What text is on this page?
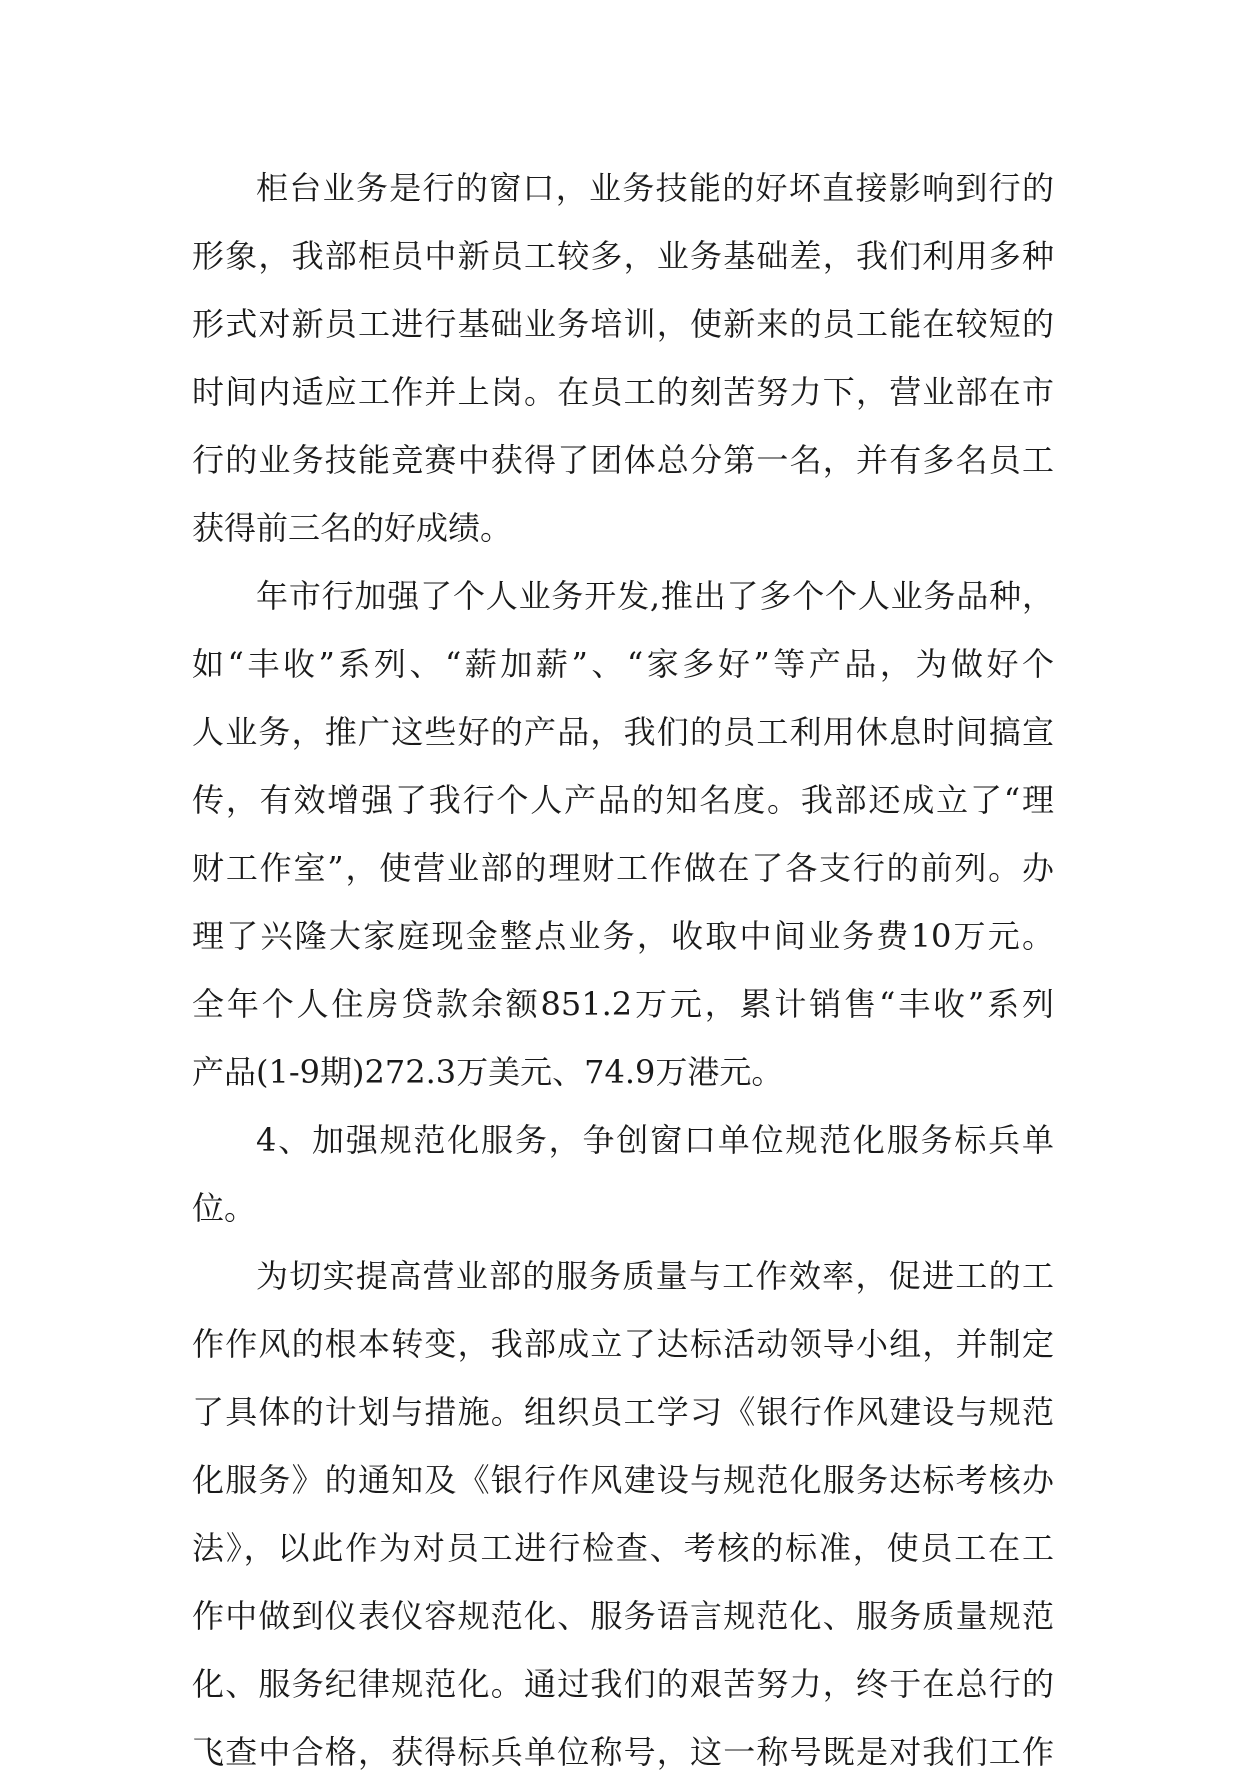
柜台业务是行的窗口，业务技能的好坏直接影响到行的
形象，我部柜员中新员工较多，业务基础差，我们利用多种
形式对新员工进行基础业务培训，使新来的员工能在较短的
时间内适应工作并上岗。在员工的刻苦努力下，营业部在市
行的业务技能竞赛中获得了团体总分第一名，并有多名员工
获得前三名的好成绩。
年市行加强了个人业务开发,推出了多个个人业务品种，
如“丰收”系列、“薪加薪”、“家多好”等产品，为做好个
人业务，推广这些好的产品，我们的员工利用休息时间搞宣
传，有效增强了我行个人产品的知名度。我部还成立了“理
财工作室”，使营业部的理财工作做在了各支行的前列。办
理了兴隆大家庭现金整点业务，收取中间业务费10万元。
全年个人住房贷款余额851.2万元，累计销售“丰收”系列
产品(1-9期)272.3万美元、74.9万港元。
4、加强规范化服务，争创窗口单位规范化服务标兵单
位。
为切实提高营业部的服务质量与工作效率，促进工的工
作作风的根本转变，我部成立了达标活动领导小组，并制定
了具体的计划与措施。组织员工学习《银行作风建设与规范
化服务》的通知及《银行作风建设与规范化服务达标考核办
法》，以此作为对员工进行检查、考核的标准，使员工在工
作中做到仪表仪容规范化、服务语言规范化、服务质量规范
化、服务纪律规范化。通过我们的艰苦努力，终于在总行的
飞查中合格，获得标兵单位称号，这一称号既是对我们工作
